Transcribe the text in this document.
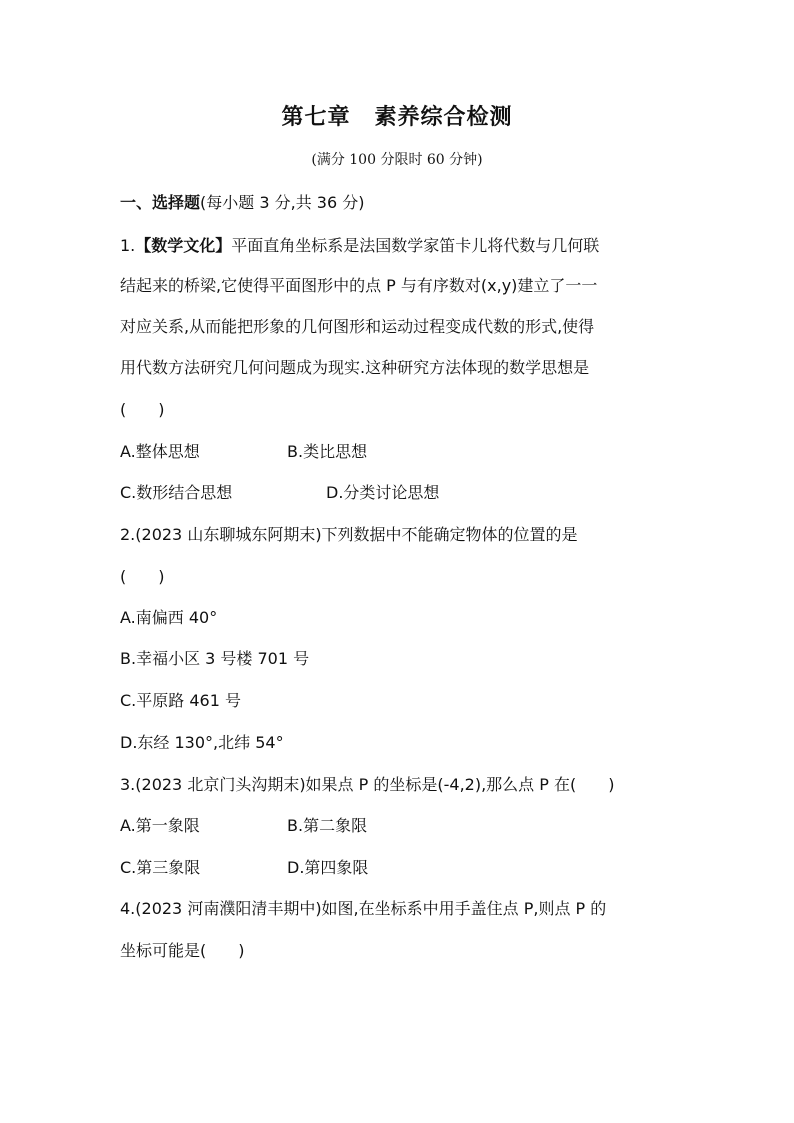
第七章 素养综合检测
(满分 100 分限时 60 分钟)
一、选择题(每小题 3 分,共 36 分)
1.【数学文化】平面直角坐标系是法国数学家笛卡儿将代数与几何联
结起来的桥梁,它使得平面图形中的点 P 与有序数对(x,y)建立了一一
对应关系,从而能把形象的几何图形和运动过程变成代数的形式,使得
用代数方法研究几何问题成为现实.这种研究方法体现的数学思想是
(　　)
A.整体思想	B.类比思想
C.数形结合思想	D.分类讨论思想
2.(2023 山东聊城东阿期末)下列数据中不能确定物体的位置的是
(　　)
A.南偏西 40°
B.幸福小区 3 号楼 701 号
C.平原路 461 号
D.东经 130°,北纬 54°
3.(2023 北京门头沟期末)如果点 P 的坐标是(-4,2),那么点 P 在(　　)
A.第一象限	B.第二象限
C.第三象限	D.第四象限
4.(2023 河南濮阳清丰期中)如图,在坐标系中用手盖住点 P,则点 P 的
坐标可能是(　　)
